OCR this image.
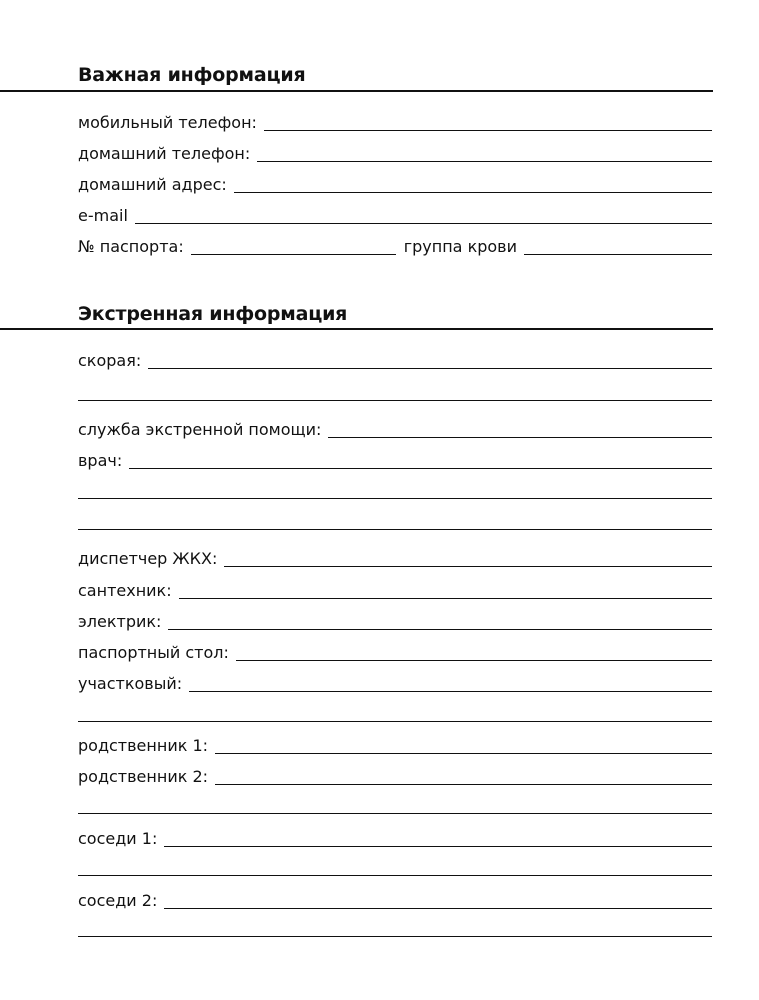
Важная информация
мобильный телефон:
домашний телефон:
домашний адрес:
e-mail
№ паспорта:	группа крови
Экстренная информация
скорая:
служба экстренной помощи:
врач:
диспетчер ЖКХ:
сантехник:
электрик:
паспортный стол:
участковый:
родственник 1:
родственник 2:
соседи 1:
соседи 2:
